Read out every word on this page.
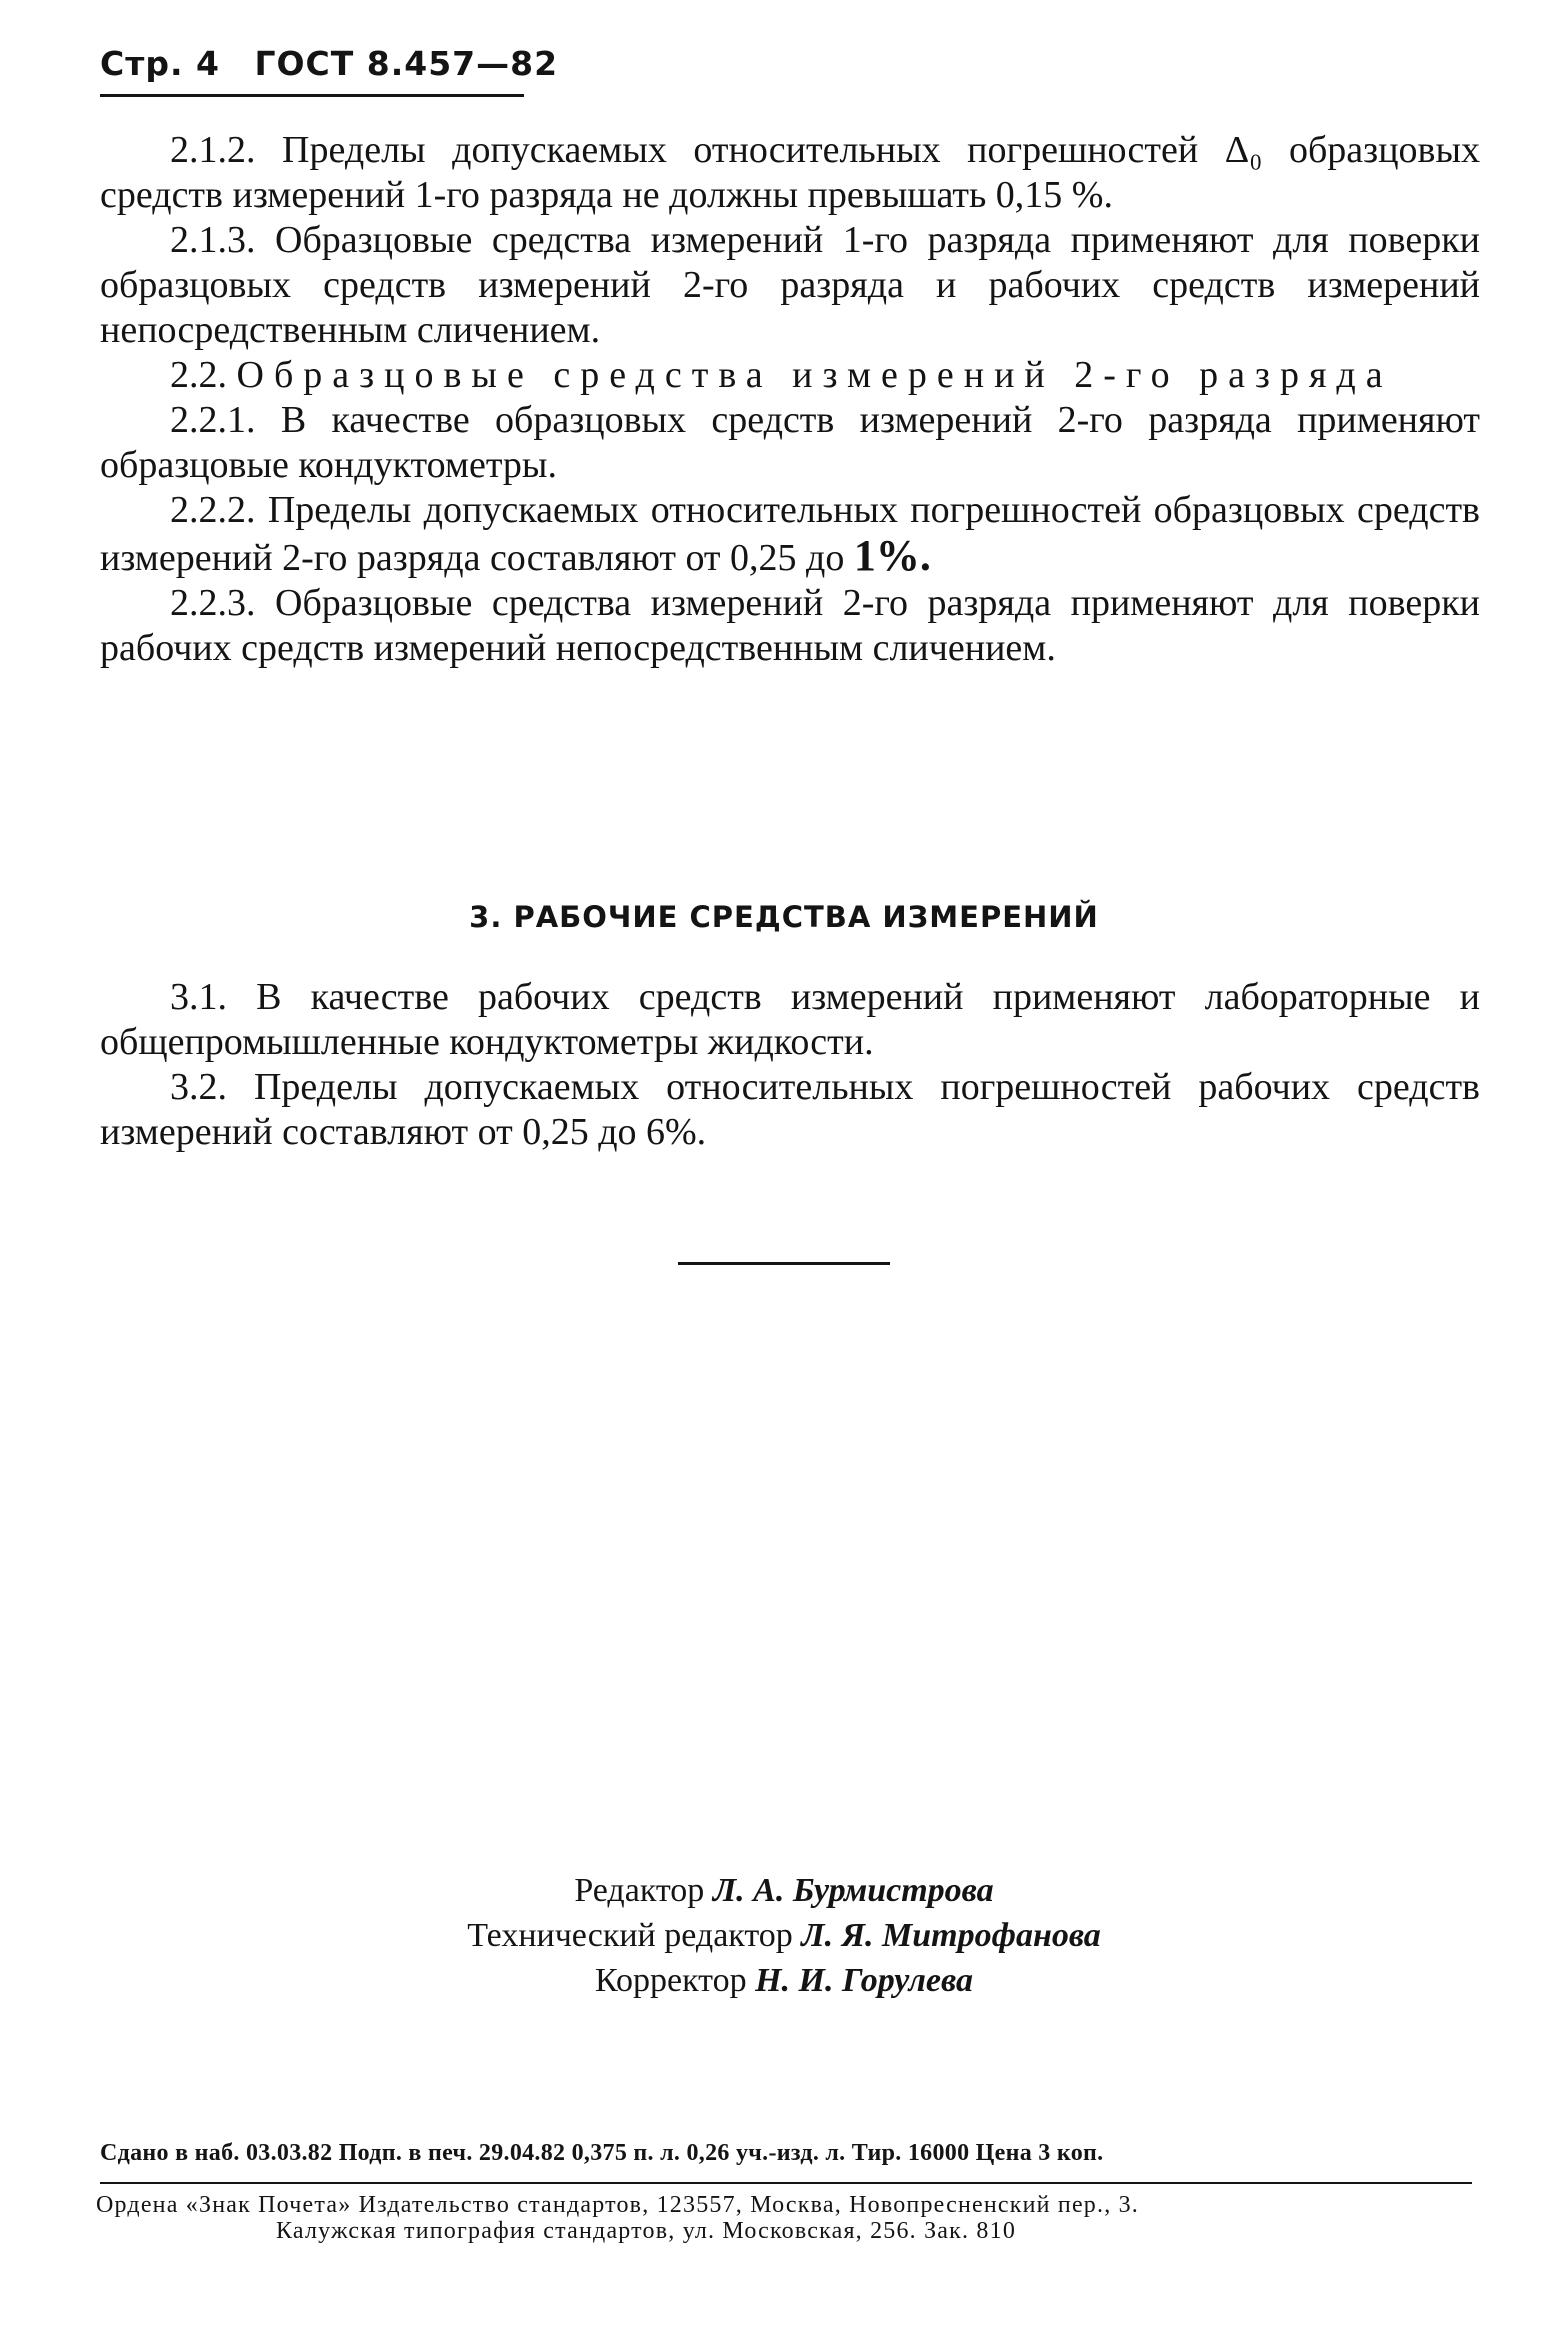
Стр. 4 ГОСТ 8.457—82

2.1.2. Пределы допускаемых относительных погрешностей Δ₀ образцовых средств измерений 1-го разряда не должны превышать 0,15 %.

2.1.3. Образцовые средства измерений 1-го разряда применяют для поверки образцовых средств измерений 2-го разряда и рабочих средств измерений непосредственным сличением.

2.2. Образцовые средства измерений 2-го разряда

2.2.1. В качестве образцовых средств измерений 2-го разряда применяют образцовые кондуктометры.

2.2.2. Пределы допускаемых относительных погрешностей образцовых средств измерений 2-го разряда составляют от 0,25 до 1%.

2.2.3. Образцовые средства измерений 2-го разряда применяют для поверки рабочих средств измерений непосредственным сличением.

3. РАБОЧИЕ СРЕДСТВА ИЗМЕРЕНИЙ

3.1. В качестве рабочих средств измерений применяют лабораторные и общепромышленные кондуктометры жидкости.

3.2. Пределы допускаемых относительных погрешностей рабочих средств измерений составляют от 0,25 до 6%.

Редактор Л. А. Бурмистрова
Технический редактор Л. Я. Митрофанова
Корректор Н. И. Горулева
Сдано в наб. 03.03.82 Подп. в печ. 29.04.82 0,375 п. л. 0,26 уч.-изд. л. Тир. 16000 Цена 3 коп.
Ордена «Знак Почета» Издательство стандартов, 123557, Москва, Новопресненский пер., 3.
Калужская типография стандартов, ул. Московская, 256. Зак. 810
